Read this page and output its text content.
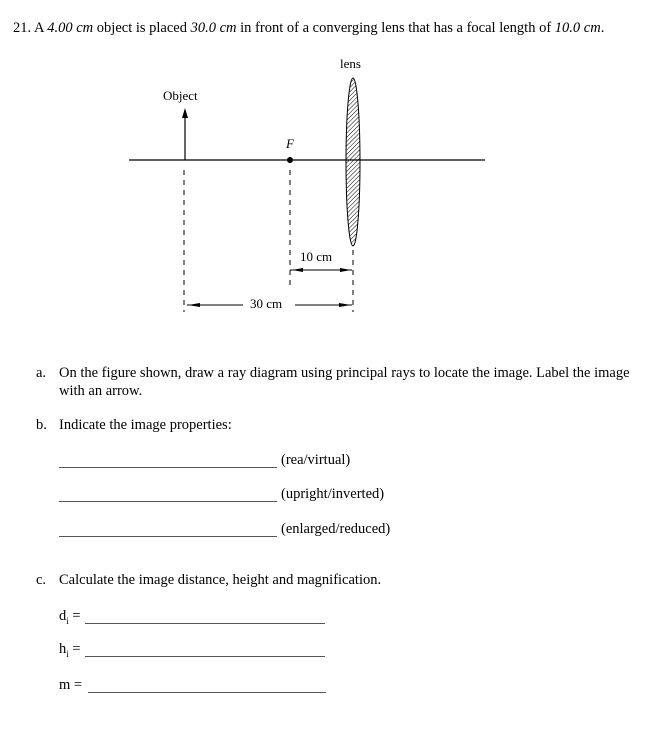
21. A 4.00 cm object is placed 30.0 cm in front of a converging lens that has a focal length of 10.0 cm.
Object
F
lens
10 cm
30 cm
a. On the figure shown, draw a ray diagram using principal rays to locate the image. Label the image
with an arrow.
b. Indicate the image properties:
(rea/virtual)
(upright/inverted)
(enlarged/reduced)
c. Calculate the image distance, height and magnification.
$d_i$ =
$h_i$ =
m =
